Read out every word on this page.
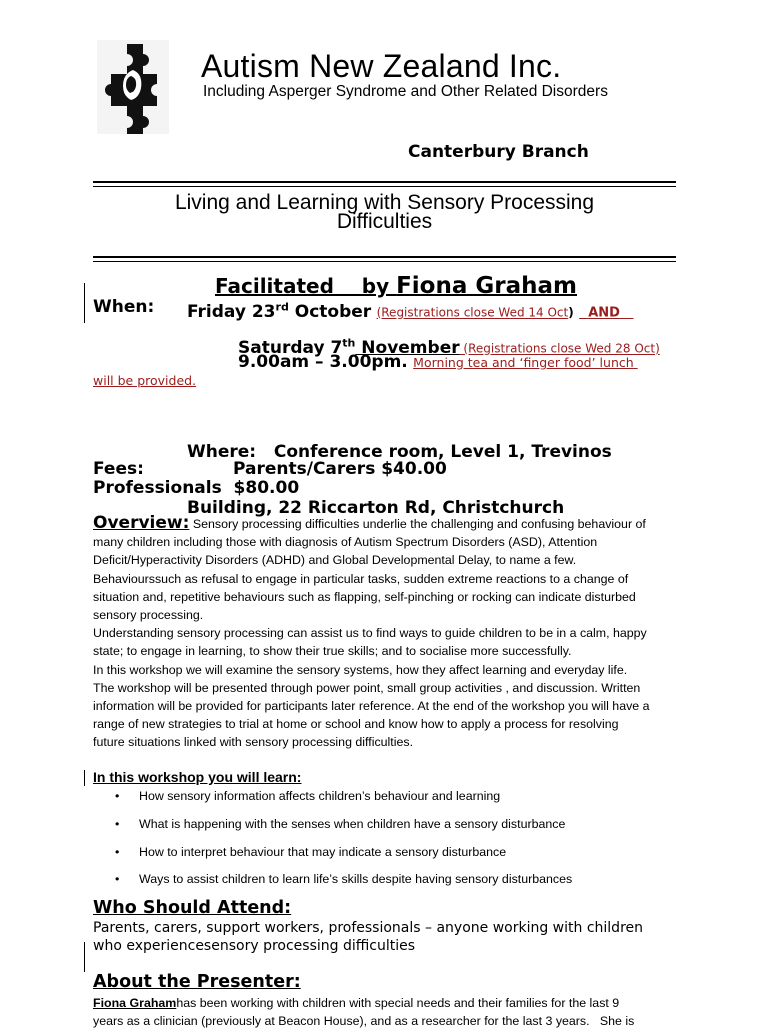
Autism New Zealand Inc.
Including Asperger Syndrome and Other Related Disorders
Canterbury Branch
Living and Learning with Sensory Processing
Difficulties
Facilitated    by Fiona Graham
When: Friday 23rd October (Registrations close Wed 14 Oct) AND
Saturday 7th November (Registrations close Wed 28 Oct)
9.00am – 3.00pm. Morning tea and ‘finger food’ lunch
will be provided.

Where:   Conference room, Level 1, Trevinos

Building, 22 Riccarton Rd, Christchurch

Fees:	Parents/Carers $40.00
Professionals  $80.00
Overview: Sensory processing difficulties underlie the challenging and confusing behaviour of
many children including those with diagnosis of Autism Spectrum Disorders (ASD), Attention
Deficit/Hyperactivity Disorders (ADHD) and Global Developmental Delay, to name a few.
Behaviourssuch as refusal to engage in particular tasks, sudden extreme reactions to a change of
situation and, repetitive behaviours such as flapping, self-pinching or rocking can indicate disturbed
sensory processing.
Understanding sensory processing can assist us to find ways to guide children to be in a calm, happy
state; to engage in learning, to show their true skills; and to socialise more successfully.
In this workshop we will examine the sensory systems, how they affect learning and everyday life.
The workshop will be presented through power point, small group activities , and discussion. Written
information will be provided for participants later reference. At the end of the workshop you will have a
range of new strategies to trial at home or school and know how to apply a process for resolving
future situations linked with sensory processing difficulties.
In this workshop you will learn:
• How sensory information affects children’s behaviour and learning
• What is happening with the senses when children have a sensory disturbance
• How to interpret behaviour that may indicate a sensory disturbance
• Ways to assist children to learn life’s skills despite having sensory disturbances
Who Should Attend:
Parents, carers, support workers, professionals – anyone working with children
who experiencesensory processing difficulties
About the Presenter:
Fiona Grahamhas been working with children with special needs and their families for the last 9
years as a clinician (previously at Beacon House), and as a researcher for the last 3 years.   She is
